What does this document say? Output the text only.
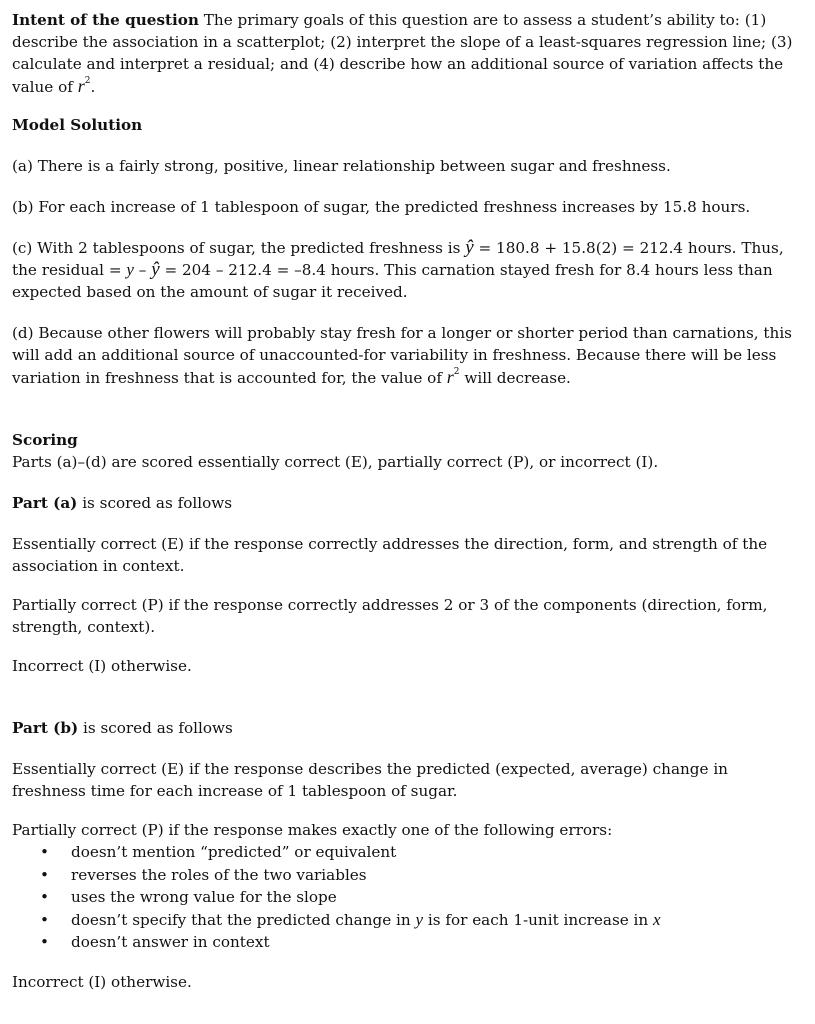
Intent of the question The primary goals of this question are to assess a student’s ability to: (1) describe the association in a scatterplot; (2) interpret the slope of a least-squares regression line; (3) calculate and interpret a residual; and (4) describe how an additional source of variation affects the value of $r^2$.

Model Solution

(a) There is a fairly strong, positive, linear relationship between sugar and freshness.

(b) For each increase of 1 tablespoon of sugar, the predicted freshness increases by 15.8 hours.

(c) With 2 tablespoons of sugar, the predicted freshness is ŷ = 180.8 + 15.8(2) = 212.4 hours. Thus, the residual = y – ŷ = 204 – 212.4 = –8.4 hours. This carnation stayed fresh for 8.4 hours less than expected based on the amount of sugar it received.

(d) Because other flowers will probably stay fresh for a longer or shorter period than carnations, this will add an additional source of unaccounted-for variability in freshness. Because there will be less variation in freshness that is accounted for, the value of $r^2$ will decrease.

Scoring

Parts (a)–(d) are scored essentially correct (E), partially correct (P), or incorrect (I).

Part (a) is scored as follows

Essentially correct (E) if the response correctly addresses the direction, form, and strength of the association in context.

Partially correct (P) if the response correctly addresses 2 or 3 of the components (direction, form, strength, context).

Incorrect (I) otherwise.

Part (b) is scored as follows

Essentially correct (E) if the response describes the predicted (expected, average) change in freshness time for each increase of 1 tablespoon of sugar.

Partially correct (P) if the response makes exactly one of the following errors:

• doesn’t mention “predicted” or equivalent
• reverses the roles of the two variables
• uses the wrong value for the slope
• doesn’t specify that the predicted change in y is for each 1-unit increase in x
• doesn’t answer in context

Incorrect (I) otherwise.
